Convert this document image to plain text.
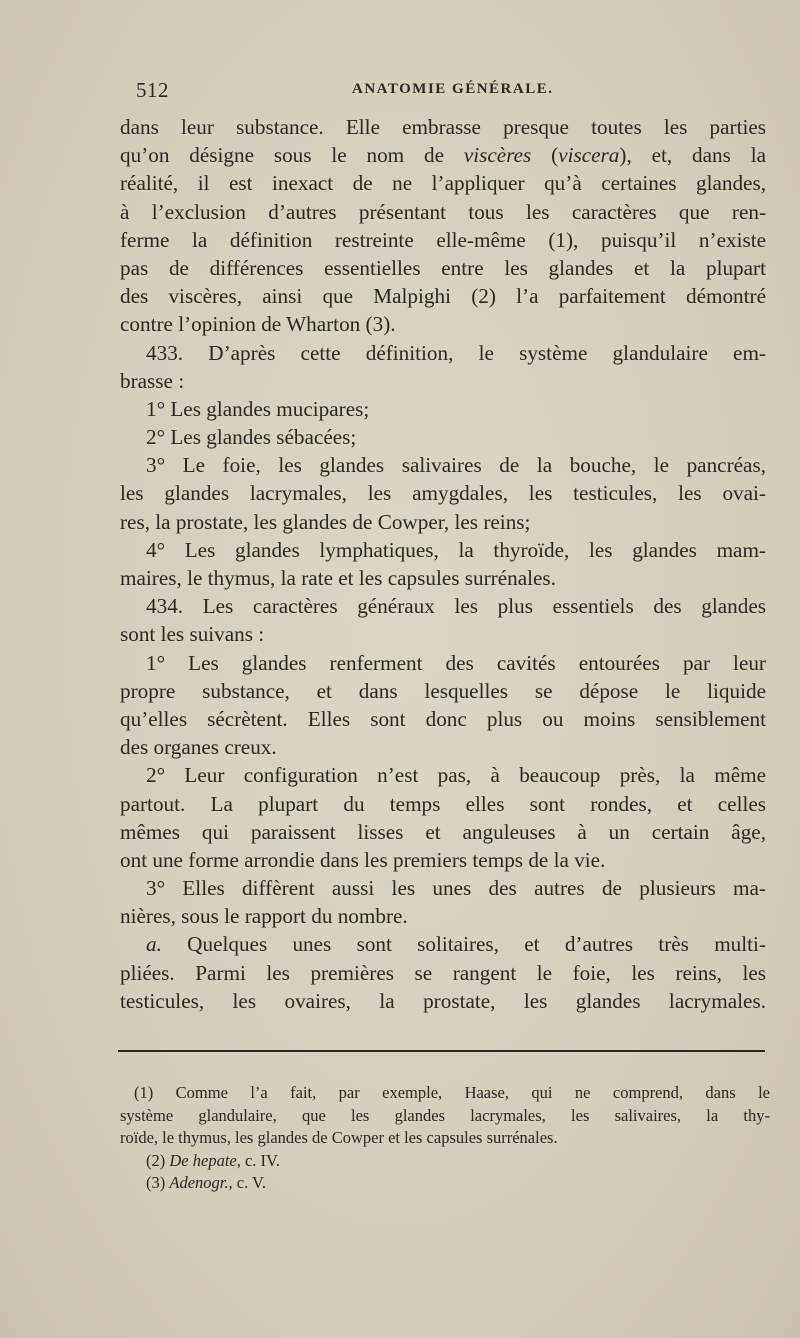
512	ANATOMIE GÉNÉRALE.
dans leur substance. Elle embrasse presque toutes les parties
qu’on désigne sous le nom de viscères (viscera), et, dans la
réalité, il est inexact de ne l’appliquer qu’à certaines glandes,
à l’exclusion d’autres présentant tous les caractères que ren-
ferme la définition restreinte elle-même (1), puisqu’il n’existe
pas de différences essentielles entre les glandes et la plupart
des viscères, ainsi que Malpighi (2) l’a parfaitement démontré
contre l’opinion de Wharton (3).
433. D’après cette définition, le système glandulaire em-
brasse :
1° Les glandes mucipares;
2° Les glandes sébacées;
3° Le foie, les glandes salivaires de la bouche, le pancréas,
les glandes lacrymales, les amygdales, les testicules, les ovai-
res, la prostate, les glandes de Cowper, les reins;
4° Les glandes lymphatiques, la thyroïde, les glandes mam-
maires, le thymus, la rate et les capsules surrénales.
434. Les caractères généraux les plus essentiels des glandes
sont les suivans :
1° Les glandes renferment des cavités entourées par leur
propre substance, et dans lesquelles se dépose le liquide
qu’elles sécrètent. Elles sont donc plus ou moins sensiblement
des organes creux.
2° Leur configuration n’est pas, à beaucoup près, la même
partout. La plupart du temps elles sont rondes, et celles
mêmes qui paraissent lisses et anguleuses à un certain âge,
ont une forme arrondie dans les premiers temps de la vie.
3° Elles diffèrent aussi les unes des autres de plusieurs ma-
nières, sous le rapport du nombre.
a. Quelques unes sont solitaires, et d’autres très multi-
pliées. Parmi les premières se rangent le foie, les reins, les
testicules, les ovaires, la prostate, les glandes lacrymales.
(1) Comme l’a fait, par exemple, Haase, qui ne comprend, dans le
système glandulaire, que les glandes lacrymales, les salivaires, la thy-
roïde, le thymus, les glandes de Cowper et les capsules surrénales.
(2) De hepate, c. IV.
(3) Adenogr., c. V.
